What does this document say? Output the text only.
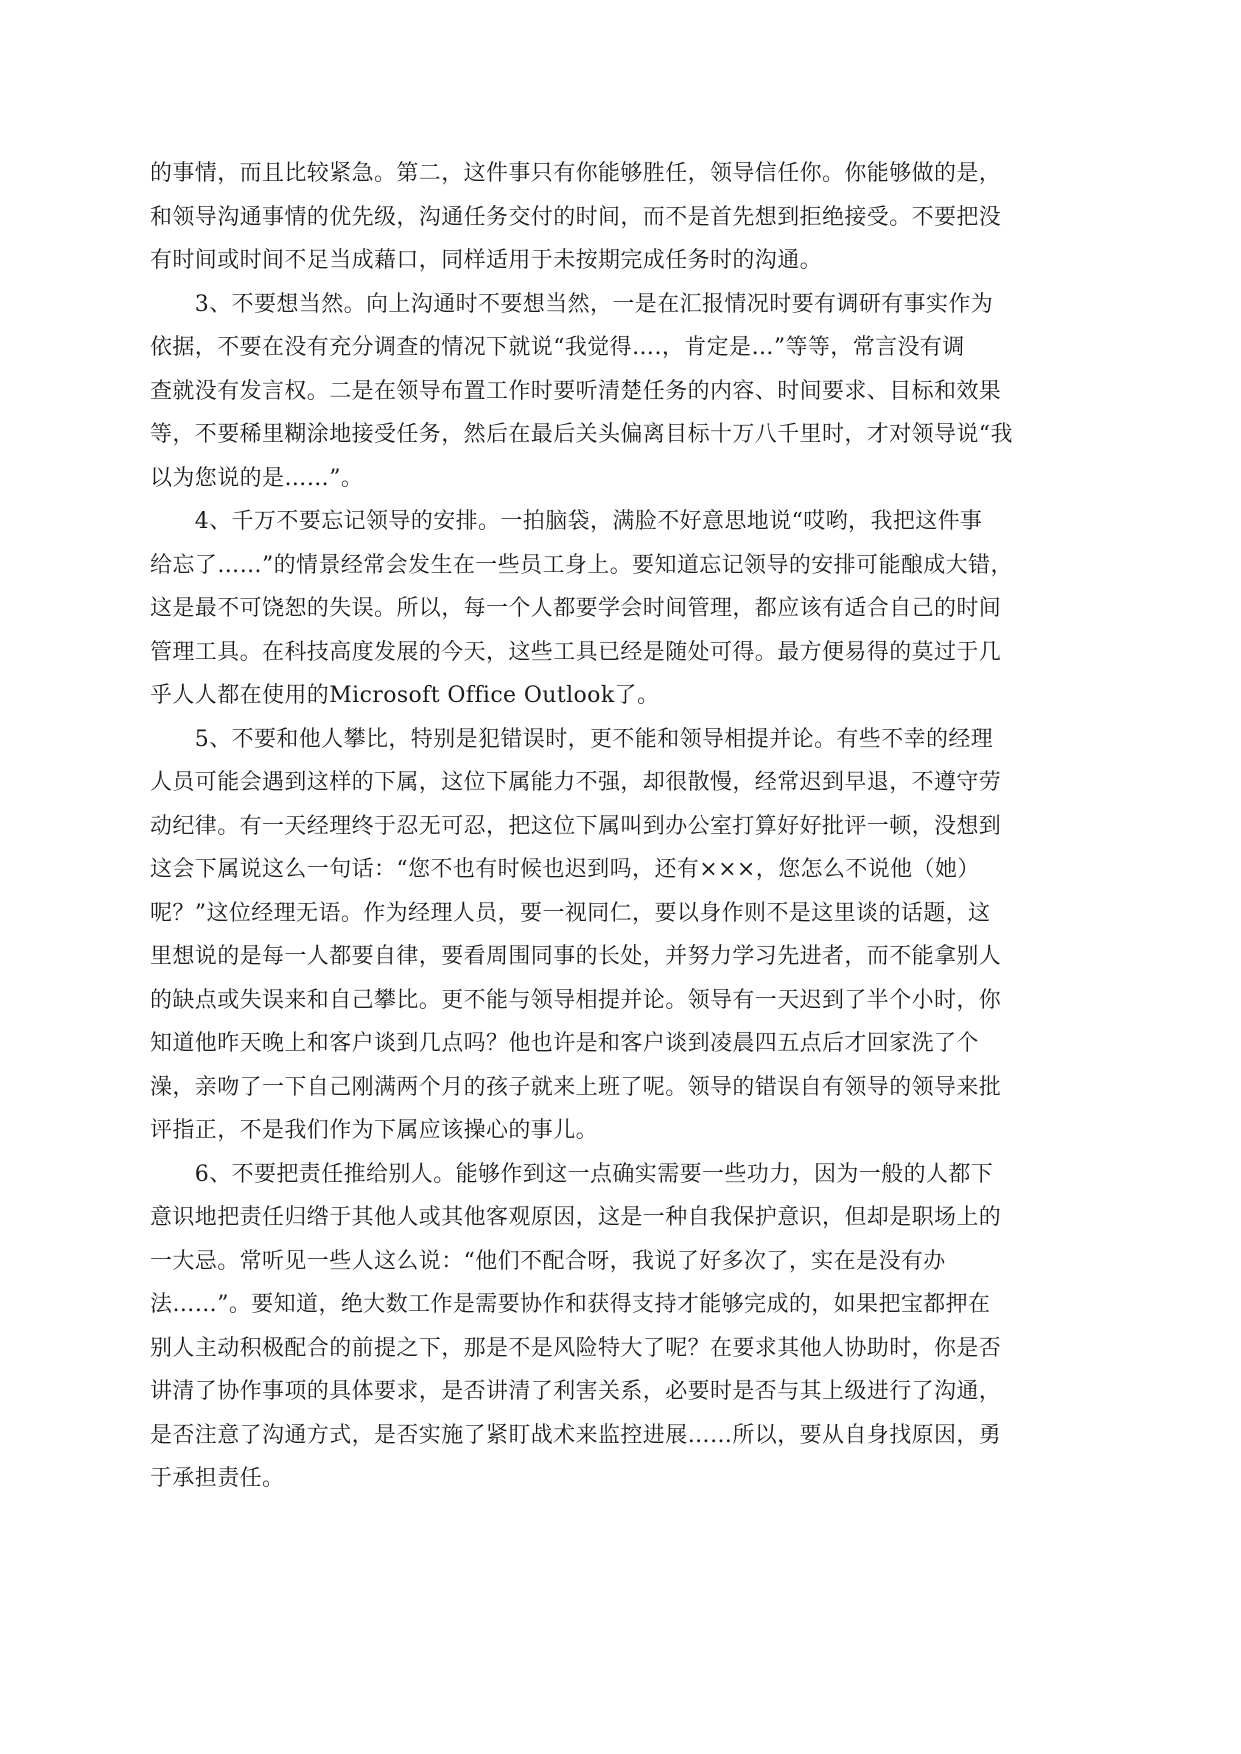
的事情，而且比较紧急。第二，这件事只有你能够胜任，领导信任你。你能够做的是，
和领导沟通事情的优先级，沟通任务交付的时间，而不是首先想到拒绝接受。不要把没
有时间或时间不足当成藉口，同样适用于未按期完成任务时的沟通。
　　3、不要想当然。向上沟通时不要想当然，一是在汇报情况时要有调研有事实作为
依据，不要在没有充分调查的情况下就说“我觉得….，肯定是…”等等，常言没有调
查就没有发言权。二是在领导布置工作时要听清楚任务的内容、时间要求、目标和效果
等，不要稀里糊涂地接受任务，然后在最后关头偏离目标十万八千里时，才对领导说“我
以为您说的是……”。
　　4、千万不要忘记领导的安排。一拍脑袋，满脸不好意思地说“哎哟，我把这件事
给忘了……”的情景经常会发生在一些员工身上。要知道忘记领导的安排可能酿成大错，
这是最不可饶恕的失误。所以，每一个人都要学会时间管理，都应该有适合自己的时间
管理工具。在科技高度发展的今天，这些工具已经是随处可得。最方便易得的莫过于几
乎人人都在使用的Microsoft Office Outlook了。
　　5、不要和他人攀比，特别是犯错误时，更不能和领导相提并论。有些不幸的经理
人员可能会遇到这样的下属，这位下属能力不强，却很散慢，经常迟到早退，不遵守劳
动纪律。有一天经理终于忍无可忍，把这位下属叫到办公室打算好好批评一顿，没想到
这会下属说这么一句话：“您不也有时候也迟到吗，还有×××，您怎么不说他（她）
呢？”这位经理无语。作为经理人员，要一视同仁，要以身作则不是这里谈的话题，这
里想说的是每一人都要自律，要看周围同事的长处，并努力学习先进者，而不能拿别人
的缺点或失误来和自己攀比。更不能与领导相提并论。领导有一天迟到了半个小时，你
知道他昨天晚上和客户谈到几点吗？他也许是和客户谈到凌晨四五点后才回家洗了个
澡，亲吻了一下自己刚满两个月的孩子就来上班了呢。领导的错误自有领导的领导来批
评指正，不是我们作为下属应该操心的事儿。
　　6、不要把责任推给别人。能够作到这一点确实需要一些功力，因为一般的人都下
意识地把责任归绺于其他人或其他客观原因，这是一种自我保护意识，但却是职场上的
一大忌。常听见一些人这么说：“他们不配合呀，我说了好多次了，实在是没有办
法……”。要知道，绝大数工作是需要协作和获得支持才能够完成的，如果把宝都押在
别人主动积极配合的前提之下，那是不是风险特大了呢？在要求其他人协助时，你是否
讲清了协作事项的具体要求，是否讲清了利害关系，必要时是否与其上级进行了沟通，
是否注意了沟通方式，是否实施了紧盯战术来监控进展……所以，要从自身找原因，勇
于承担责任。
